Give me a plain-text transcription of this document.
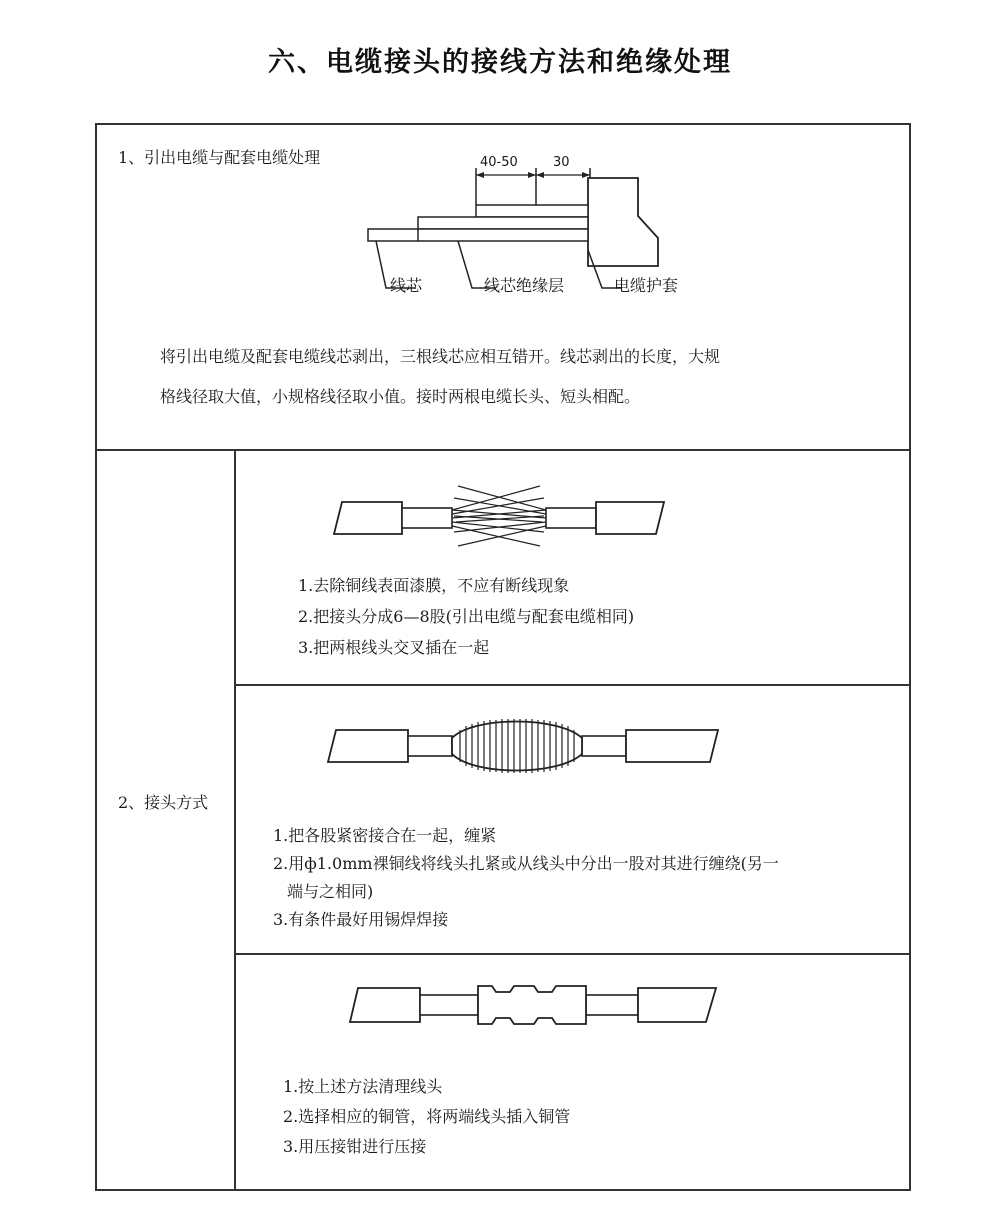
六、电缆接头的接线方法和绝缘处理
1、引出电缆与配套电缆处理	40-50	30
线芯	线芯绝缘层	电缆护套
将引出电缆及配套电缆线芯剥出，三根线芯应相互错开。线芯剥出的长度，大规
格线径取大值，小规格线径取小值。接时两根电缆长头、短头相配。
2、接头方式
1.去除铜线表面漆膜，不应有断线现象
2.把接头分成6—8股(引出电缆与配套电缆相同)
3.把两根线头交叉插在一起
1.把各股紧密接合在一起，缠紧
2.用ф1.0mm裸铜线将线头扎紧或从线头中分出一股对其进行缠绕(另一
端与之相同)
3.有条件最好用锡焊焊接
1.按上述方法清理线头
2.选择相应的铜管，将两端线头插入铜管
3.用压接钳进行压接
